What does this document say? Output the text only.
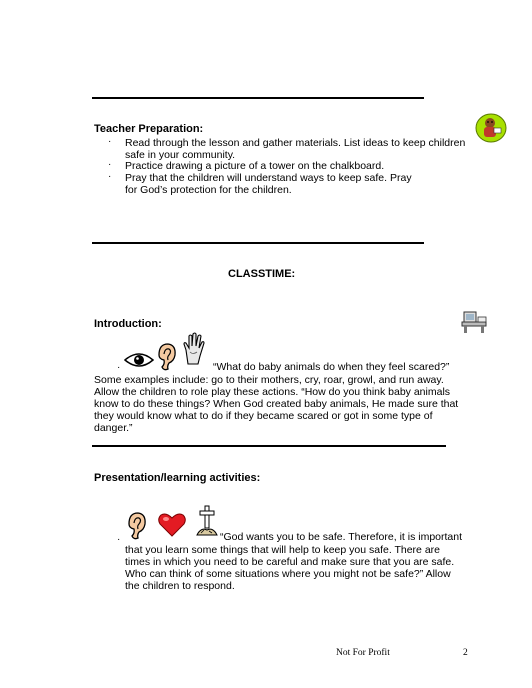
Teacher Preparation:
· Read through the lesson and gather materials. List ideas to keep children
safe in your community.
· Practice drawing a picture of a tower on the chalkboard.
· Pray that the children will understand ways to keep safe. Pray
for God’s protection for the children.
CLASSTIME:
Introduction:
·	“What do baby animals do when they feel scared?”
Some examples include: go to their mothers, cry, roar, growl, and run away.
Allow the children to role play these actions. “How do you think baby animals
know to do these things? When God created baby animals, He made sure that
they would know what to do if they became scared or got in some type of
danger.”
Presentation/learning activities:
·	“God wants you to be safe. Therefore, it is important
that you learn some things that will help to keep you safe. There are
times in which you need to be careful and make sure that you are safe.
Who can think of some situations where you might not be safe?” Allow
the children to respond.
Not For Profit	2
